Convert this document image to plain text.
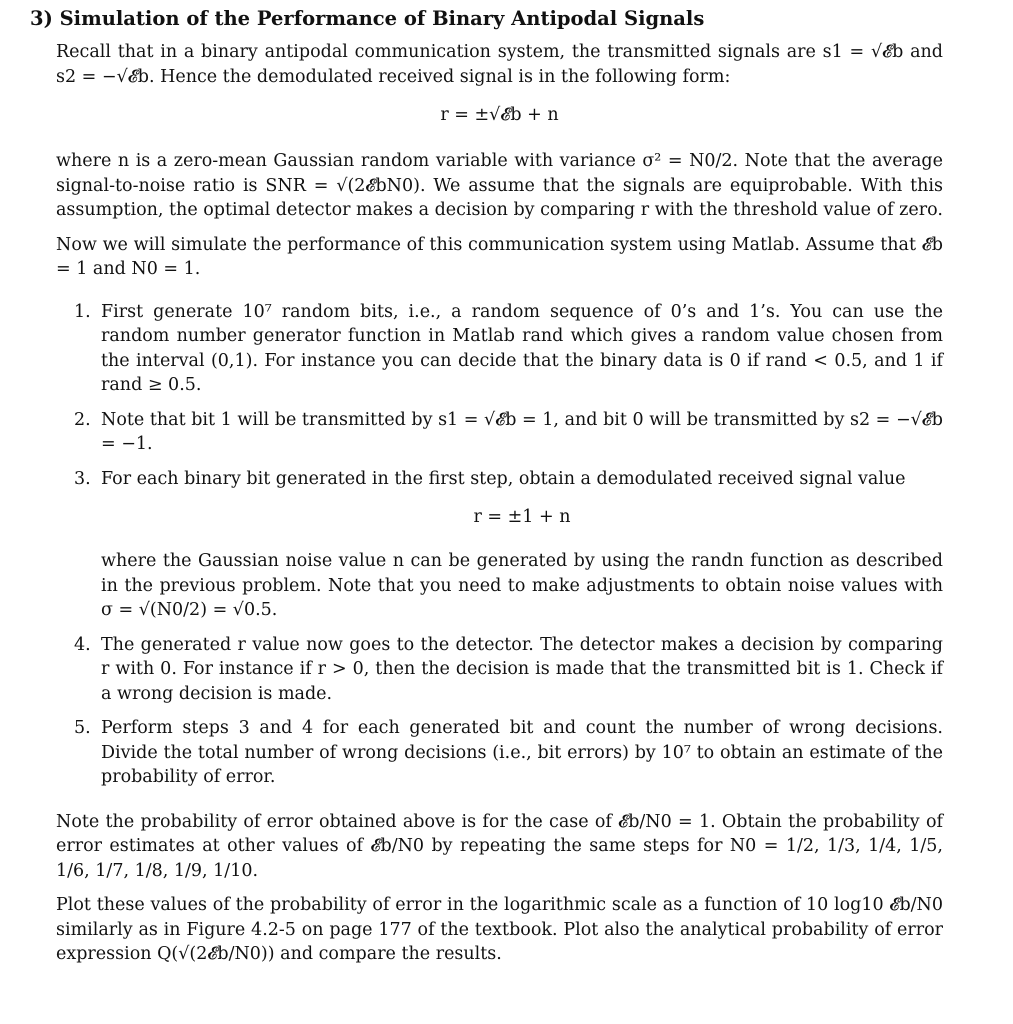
3) Simulation of the Performance of Binary Antipodal Signals

Recall that in a binary antipodal communication system, the transmitted signals are s1 = √𝓔b and s2 = −√𝓔b. Hence the demodulated received signal is in the following form:

r = ±√𝓔b + n

where n is a zero-mean Gaussian random variable with variance σ² = N0/2. Note that the average signal-to-noise ratio is SNR = √(2𝓔bN0). We assume that the signals are equiprobable. With this assumption, the optimal detector makes a decision by comparing r with the threshold value of zero.

Now we will simulate the performance of this communication system using Matlab. Assume that 𝓔b = 1 and N0 = 1.

1. First generate 10⁷ random bits, i.e., a random sequence of 0’s and 1’s. You can use the random number generator function in Matlab rand which gives a random value chosen from the interval (0,1). For instance you can decide that the binary data is 0 if rand < 0.5, and 1 if rand ≥ 0.5.
2. Note that bit 1 will be transmitted by s1 = √𝓔b = 1, and bit 0 will be transmitted by s2 = −√𝓔b = −1.
3. For each binary bit generated in the first step, obtain a demodulated received signal value
r = ±1 + n
where the Gaussian noise value n can be generated by using the randn function as described in the previous problem. Note that you need to make adjustments to obtain noise values with σ = √(N0/2) = √0.5.
4. The generated r value now goes to the detector. The detector makes a decision by comparing r with 0. For instance if r > 0, then the decision is made that the transmitted bit is 1. Check if a wrong decision is made.
5. Perform steps 3 and 4 for each generated bit and count the number of wrong decisions. Divide the total number of wrong decisions (i.e., bit errors) by 10⁷ to obtain an estimate of the probability of error.

Note the probability of error obtained above is for the case of 𝓔b/N0 = 1. Obtain the probability of error estimates at other values of 𝓔b/N0 by repeating the same steps for N0 = 1/2, 1/3, 1/4, 1/5, 1/6, 1/7, 1/8, 1/9, 1/10.

Plot these values of the probability of error in the logarithmic scale as a function of 10 log10 𝓔b/N0 similarly as in Figure 4.2-5 on page 177 of the textbook. Plot also the analytical probability of error expression Q(√(2𝓔b/N0)) and compare the results.
